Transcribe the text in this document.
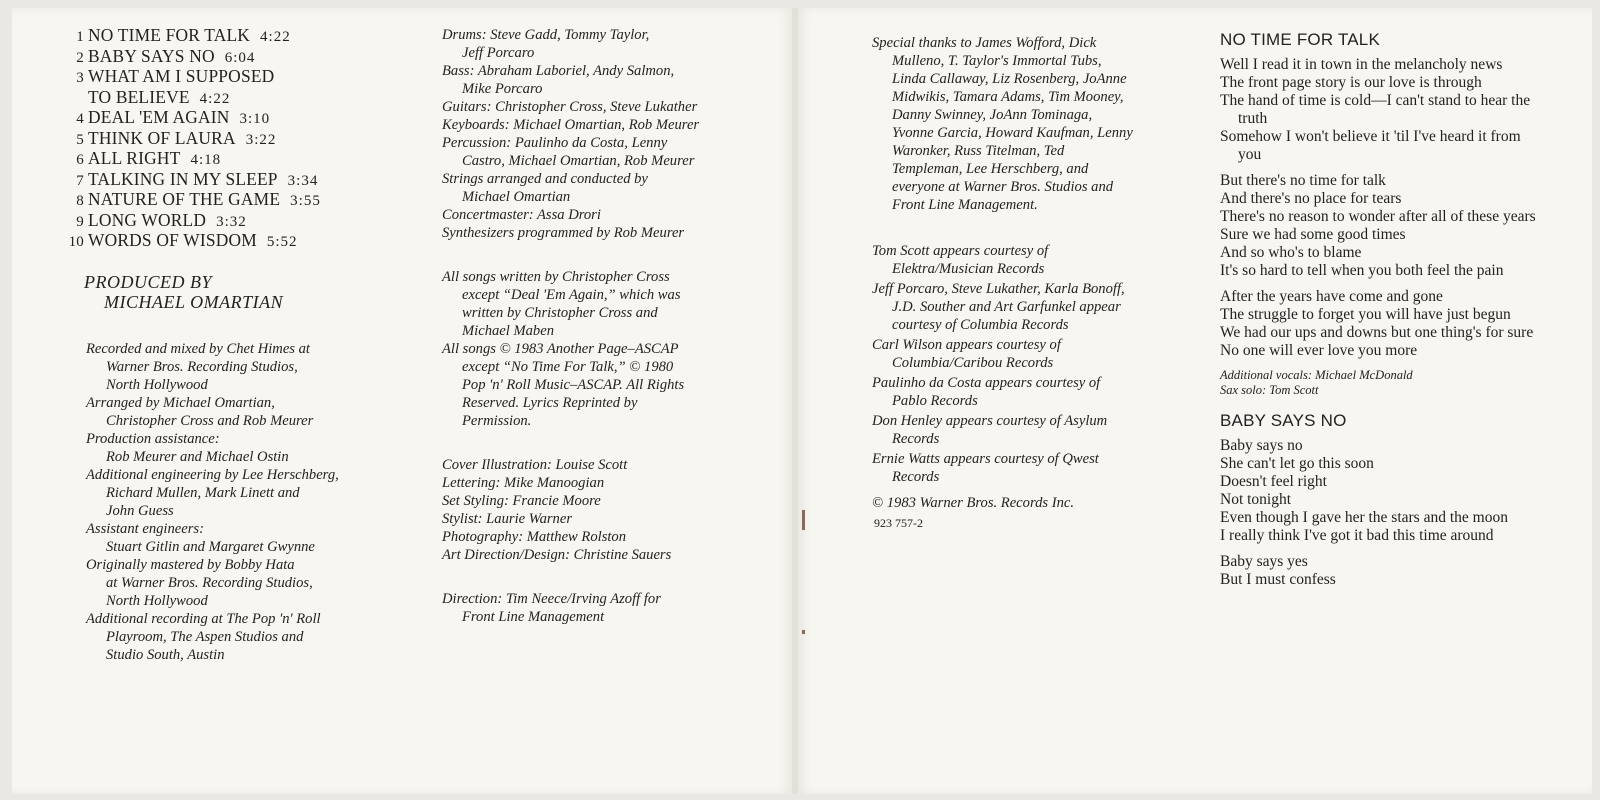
1 NO TIME FOR TALK 4:22
2 BABY SAYS NO 6:04
3 WHAT AM I SUPPOSED
TO BELIEVE 4:22
4 DEAL 'EM AGAIN 3:10
5 THINK OF LAURA 3:22
6 ALL RIGHT 4:18
7 TALKING IN MY SLEEP 3:34
8 NATURE OF THE GAME 3:55
9 LONG WORLD 3:32
10 WORDS OF WISDOM 5:52
PRODUCED BY
MICHAEL OMARTIAN
Recorded and mixed by Chet Himes at
Warner Bros. Recording Studios,
North Hollywood
Arranged by Michael Omartian,
Christopher Cross and Rob Meurer
Production assistance:
Rob Meurer and Michael Ostin
Additional engineering by Lee Herschberg,
Richard Mullen, Mark Linett and
John Guess
Assistant engineers:
Stuart Gitlin and Margaret Gwynne
Originally mastered by Bobby Hata
at Warner Bros. Recording Studios,
North Hollywood
Additional recording at The Pop 'n' Roll
Playroom, The Aspen Studios and
Studio South, Austin
Drums: Steve Gadd, Tommy Taylor,
Jeff Porcaro
Bass: Abraham Laboriel, Andy Salmon,
Mike Porcaro
Guitars: Christopher Cross, Steve Lukather
Keyboards: Michael Omartian, Rob Meurer
Percussion: Paulinho da Costa, Lenny
Castro, Michael Omartian, Rob Meurer
Strings arranged and conducted by
Michael Omartian
Concertmaster: Assa Drori
Synthesizers programmed by Rob Meurer
All songs written by Christopher Cross
except “Deal 'Em Again,” which was
written by Christopher Cross and
Michael Maben
All songs © 1983 Another Page–ASCAP
except “No Time For Talk,” © 1980
Pop 'n' Roll Music–ASCAP. All Rights
Reserved. Lyrics Reprinted by
Permission.
Cover Illustration: Louise Scott
Lettering: Mike Manoogian
Set Styling: Francie Moore
Stylist: Laurie Warner
Photography: Matthew Rolston
Art Direction/Design: Christine Sauers
Direction: Tim Neece/Irving Azoff for
Front Line Management
Special thanks to James Wofford, Dick
Mulleno, T. Taylor's Immortal Tubs,
Linda Callaway, Liz Rosenberg, JoAnne
Midwikis, Tamara Adams, Tim Mooney,
Danny Swinney, JoAnn Tominaga,
Yvonne Garcia, Howard Kaufman, Lenny
Waronker, Russ Titelman, Ted
Templeman, Lee Herschberg, and
everyone at Warner Bros. Studios and
Front Line Management.
Tom Scott appears courtesy of
Elektra/Musician Records
Jeff Porcaro, Steve Lukather, Karla Bonoff,
J.D. Souther and Art Garfunkel appear
courtesy of Columbia Records
Carl Wilson appears courtesy of
Columbia/Caribou Records
Paulinho da Costa appears courtesy of
Pablo Records
Don Henley appears courtesy of Asylum
Records
Ernie Watts appears courtesy of Qwest
Records
© 1983 Warner Bros. Records Inc.
923 757-2
NO TIME FOR TALK
Well I read it in town in the melancholy news
The front page story is our love is through
The hand of time is cold—I can't stand to hear the truth
Somehow I won't believe it 'til I've heard it from you
But there's no time for talk
And there's no place for tears
There's no reason to wonder after all of these years
Sure we had some good times
And so who's to blame
It's so hard to tell when you both feel the pain
After the years have come and gone
The struggle to forget you will have just begun
We had our ups and downs but one thing's for sure
No one will ever love you more
Additional vocals: Michael McDonald
Sax solo: Tom Scott
BABY SAYS NO
Baby says no
She can't let go this soon
Doesn't feel right
Not tonight
Even though I gave her the stars and the moon
I really think I've got it bad this time around
Baby says yes
But I must confess
